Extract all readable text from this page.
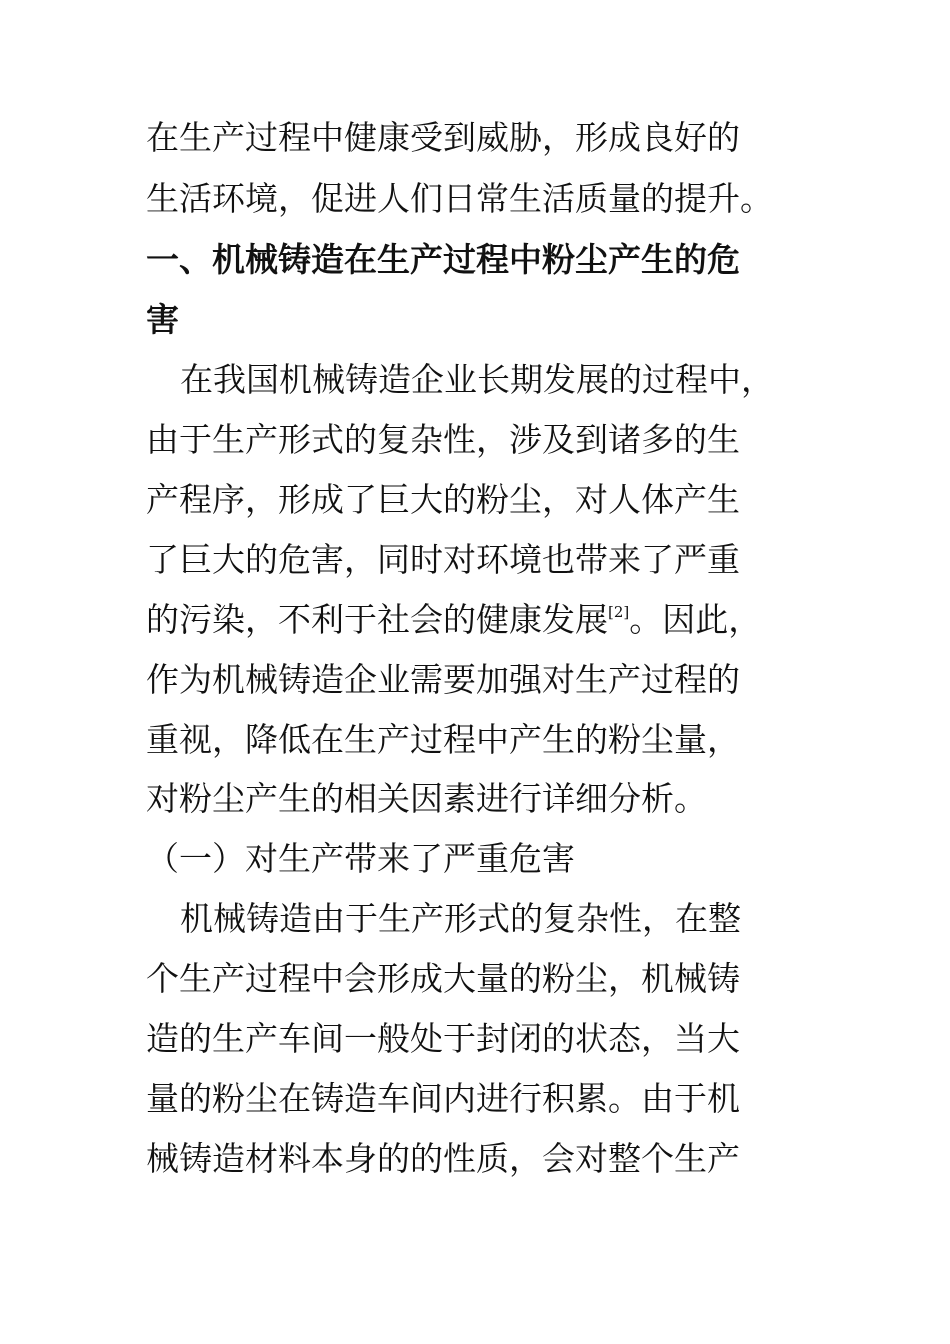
在生产过程中健康受到威胁，形成良好的
生活环境，促进人们日常生活质量的提升。
一、机械铸造在生产过程中粉尘产生的危
害
在我国机械铸造企业长期发展的过程中，
由于生产形式的复杂性，涉及到诸多的生
产程序，形成了巨大的粉尘，对人体产生
了巨大的危害，同时对环境也带来了严重
的污染，不利于社会的健康发展[2]。因此，
作为机械铸造企业需要加强对生产过程的
重视，降低在生产过程中产生的粉尘量，
对粉尘产生的相关因素进行详细分析。
（一）对生产带来了严重危害
机械铸造由于生产形式的复杂性，在整
个生产过程中会形成大量的粉尘，机械铸
造的生产车间一般处于封闭的状态，当大
量的粉尘在铸造车间内进行积累。由于机
械铸造材料本身的的性质，会对整个生产
